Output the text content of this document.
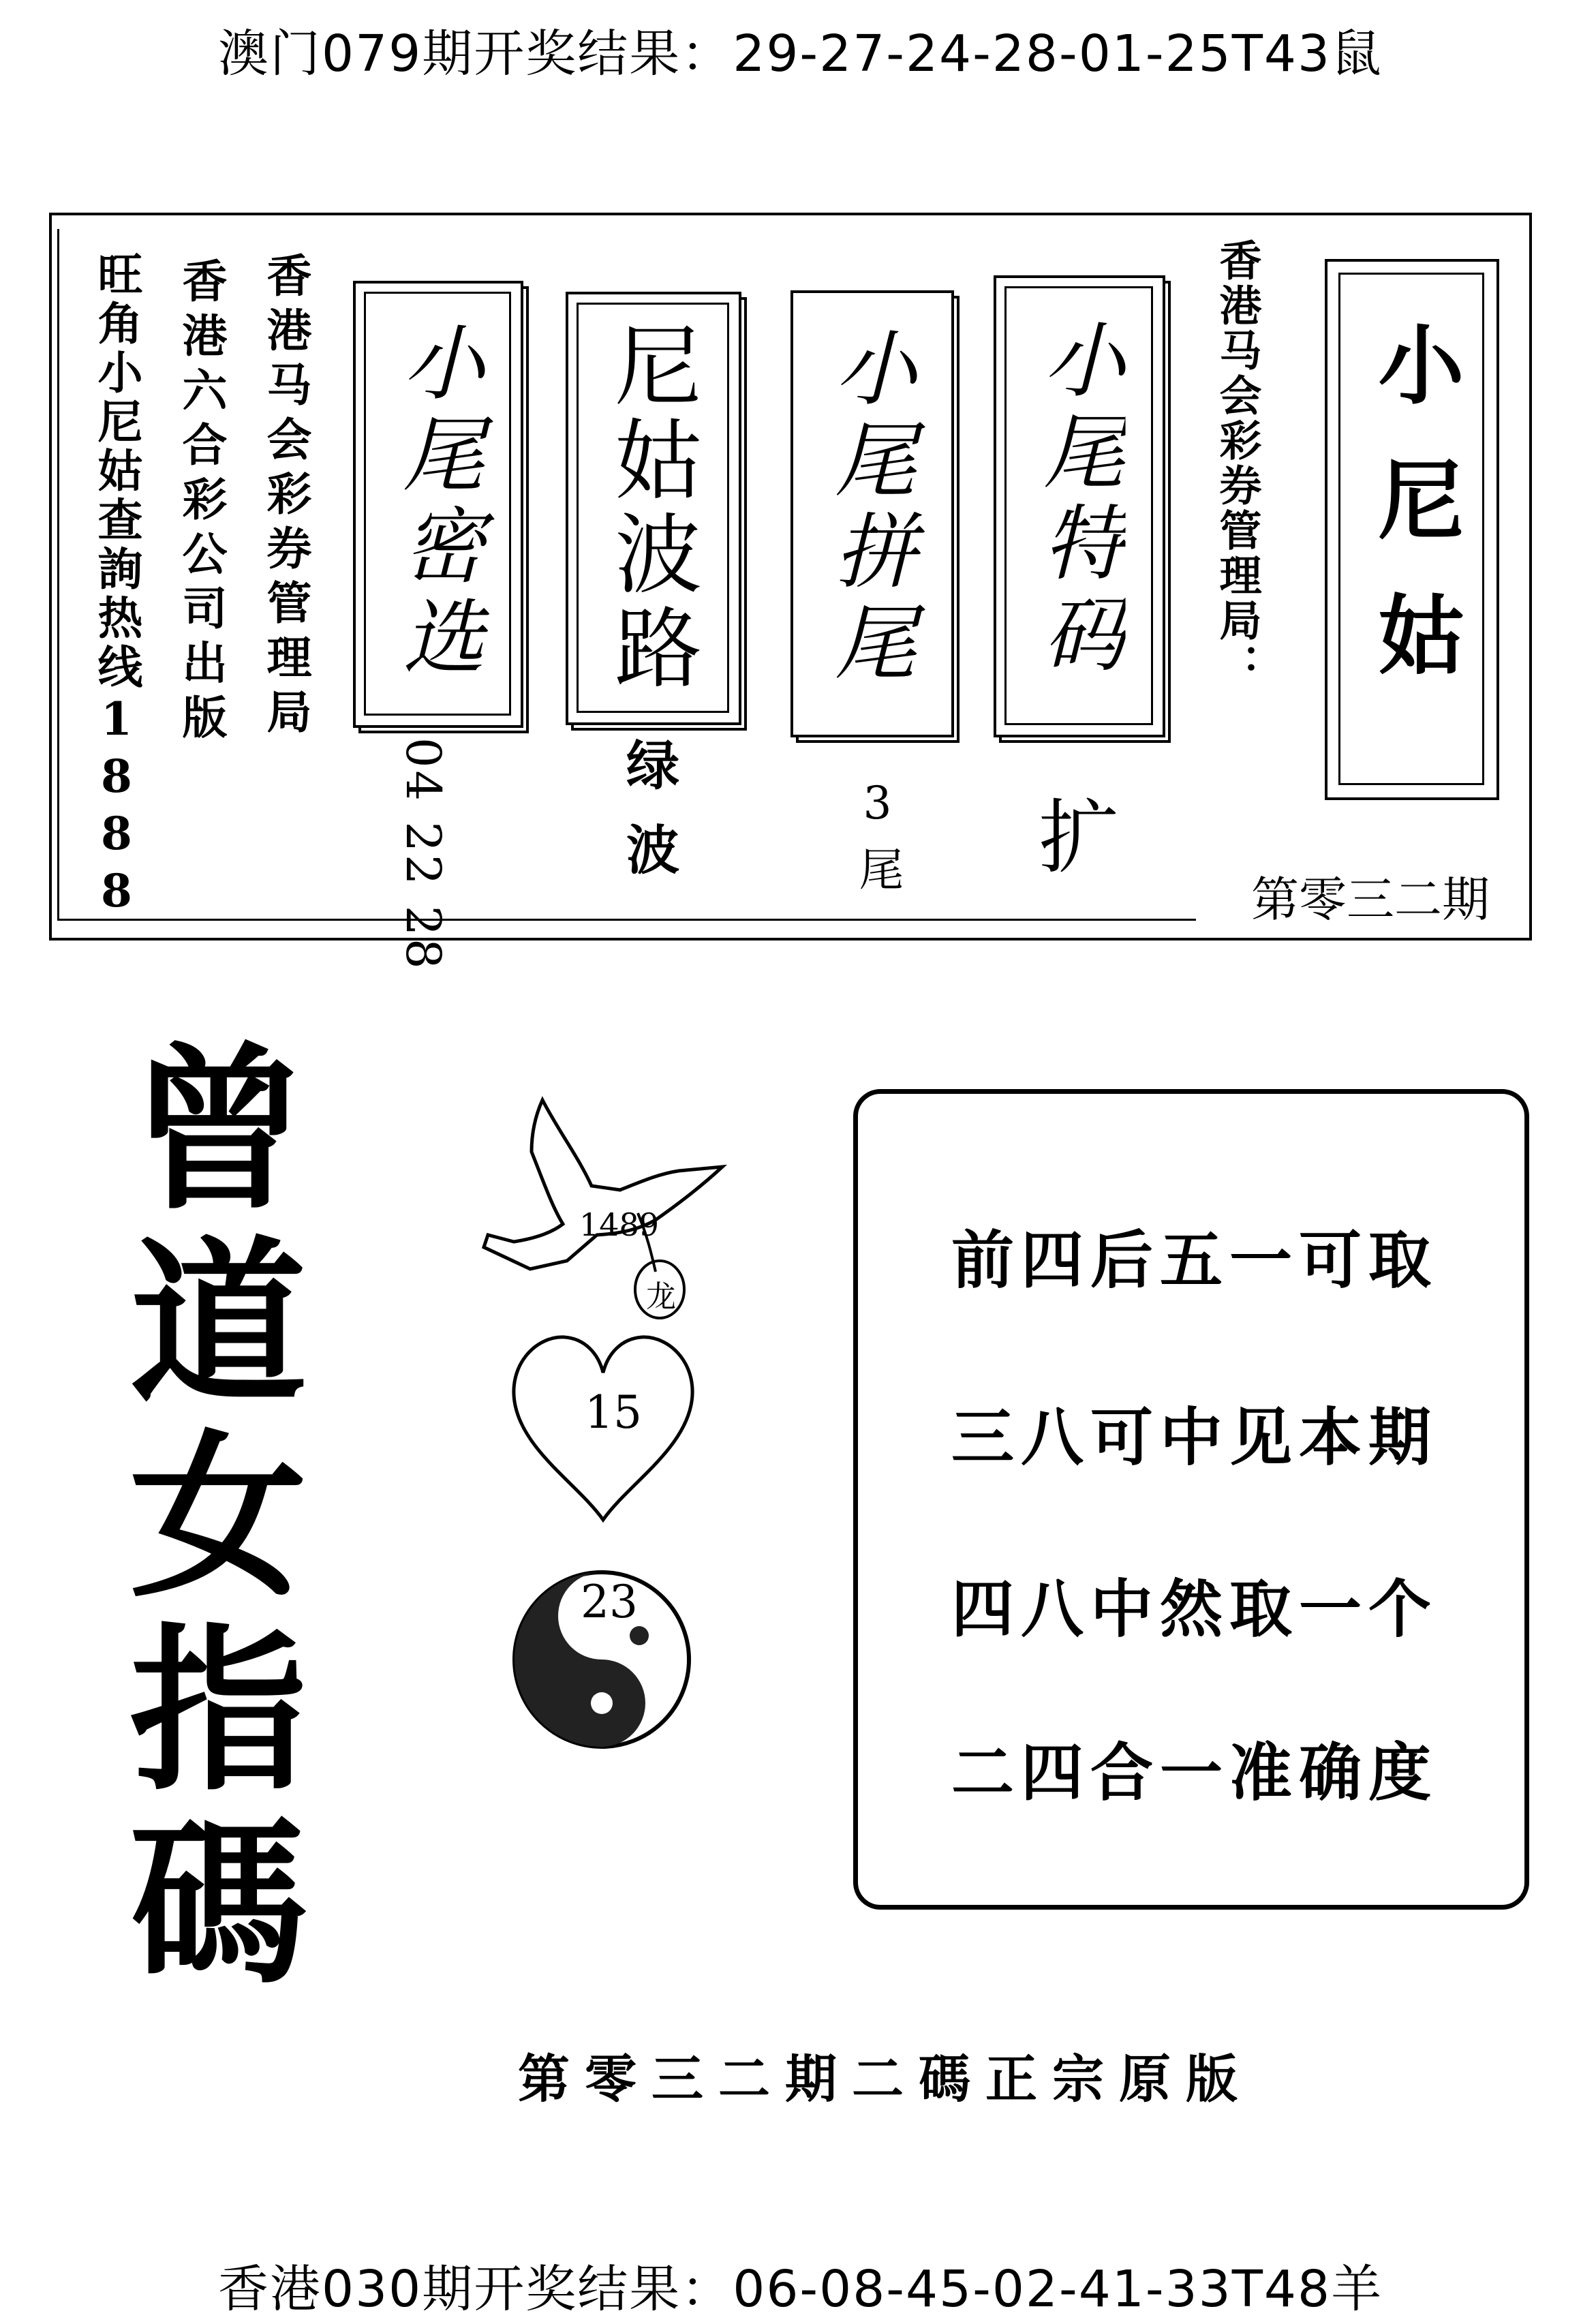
澳门079期开奖结果：29-27-24-28-01-25T43鼠
旺角小尼姑查詢热线1888 香港六合彩公司出版 香港马会彩券管理局 小尾密选
04 22 28
尼姑波路
绿波
小尾拼尾
3尾
小尾特码
扩
香港马会彩券管理局： 小尼姑
第零三二期
曾道女指碼	1489
龙
15
23
前四后五一可取
三八可中见本期
四八中然取一个
二四合一准确度
第零三二期二碼正宗原版
香港030期开奖结果：06-08-45-02-41-33T48羊
